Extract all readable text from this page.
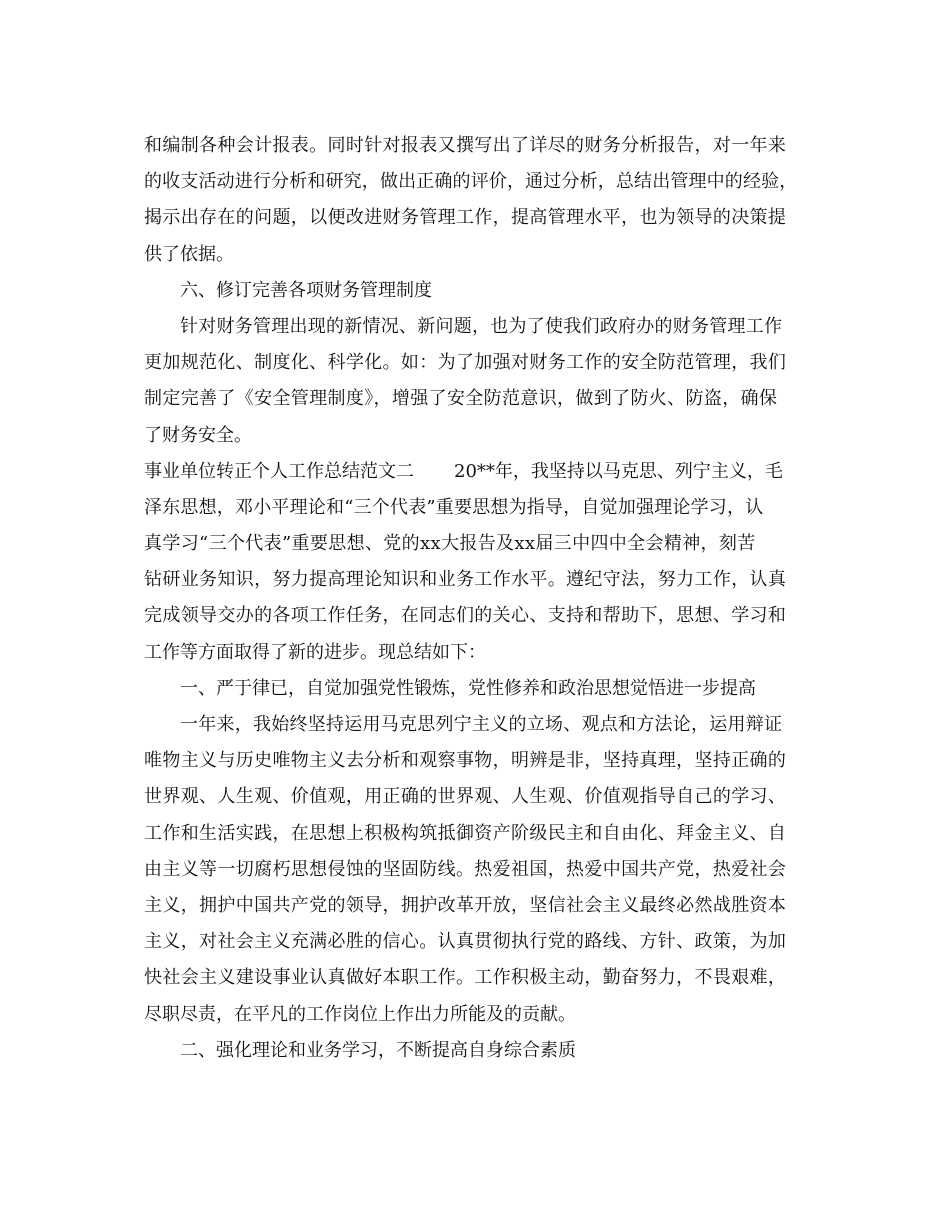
和编制各种会计报表。同时针对报表又撰写出了详尽的财务分析报告，对一年来
的收支活动进行分析和研究，做出正确的评价，通过分析，总结出管理中的经验，
揭示出存在的问题，以便改进财务管理工作，提高管理水平，也为领导的决策提
供了依据。
六、修订完善各项财务管理制度
针对财务管理出现的新情况、新问题，也为了使我们政府办的财务管理工作
更加规范化、制度化、科学化。如：为了加强对财务工作的安全防范管理，我们
制定完善了《安全管理制度》，增强了安全防范意识，做到了防火、防盗，确保
了财务安全。
事业单位转正个人工作总结范文二 20**年，我坚持以马克思、列宁主义，毛
泽东思想，邓小平理论和“三个代表”重要思想为指导，自觉加强理论学习，认
真学习“三个代表”重要思想、党的xx大报告及xx届三中四中全会精神，刻苦
钻研业务知识，努力提高理论知识和业务工作水平。遵纪守法，努力工作，认真
完成领导交办的各项工作任务，在同志们的关心、支持和帮助下，思想、学习和
工作等方面取得了新的进步。现总结如下：
一、严于律已，自觉加强党性锻炼，党性修养和政治思想觉悟进一步提高
一年来，我始终坚持运用马克思列宁主义的立场、观点和方法论，运用辩证
唯物主义与历史唯物主义去分析和观察事物，明辨是非，坚持真理，坚持正确的
世界观、人生观、价值观，用正确的世界观、人生观、价值观指导自己的学习、
工作和生活实践，在思想上积极构筑抵御资产阶级民主和自由化、拜金主义、自
由主义等一切腐朽思想侵蚀的坚固防线。热爱祖国，热爱中国共产党，热爱社会
主义，拥护中国共产党的领导，拥护改革开放，坚信社会主义最终必然战胜资本
主义，对社会主义充满必胜的信心。认真贯彻执行党的路线、方针、政策，为加
快社会主义建设事业认真做好本职工作。工作积极主动，勤奋努力，不畏艰难，
尽职尽责，在平凡的工作岗位上作出力所能及的贡献。
二、强化理论和业务学习，不断提高自身综合素质
